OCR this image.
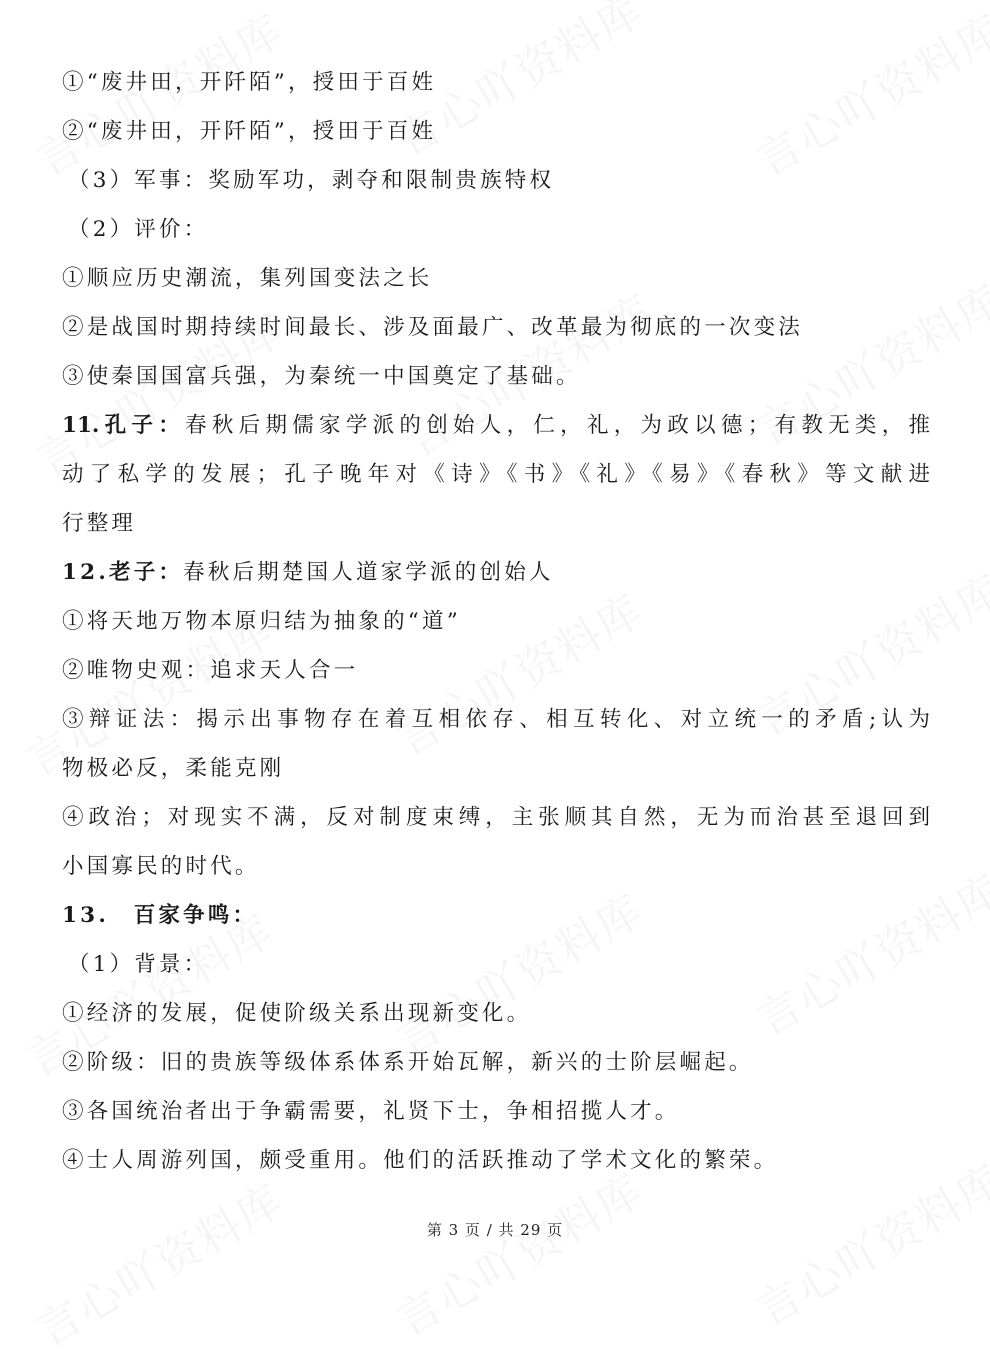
①“废井田，开阡陌”，授田于百姓
②“废井田，开阡陌”，授田于百姓
（3）军事：奖励军功，剥夺和限制贵族特权
（2）评价：
①顺应历史潮流，集列国变法之长
②是战国时期持续时间最长、涉及面最广、改革最为彻底的一次变法
③使秦国国富兵强，为秦统一中国奠定了基础。
11.孔子：春秋后期儒家学派的创始人，仁，礼，为政以德；有教无类，推
动了私学的发展；孔子晚年对《诗》《书》《礼》《易》《春秋》等文献进
行整理
12.老子：春秋后期楚国人道家学派的创始人
①将天地万物本原归结为抽象的“道”
②唯物史观：追求天人合一
③辩证法：揭示出事物存在着互相依存、相互转化、对立统一的矛盾;认为
物极必反，柔能克刚
④政治；对现实不满，反对制度束缚，主张顺其自然，无为而治甚至退回到
小国寡民的时代。
13.　百家争鸣：
（1）背景：
①经济的发展，促使阶级关系出现新变化。
②阶级：旧的贵族等级体系体系开始瓦解，新兴的士阶层崛起。
③各国统治者出于争霸需要，礼贤下士，争相招揽人才。
④士人周游列国，颇受重用。他们的活跃推动了学术文化的繁荣。
第 3 页 / 共 29 页
